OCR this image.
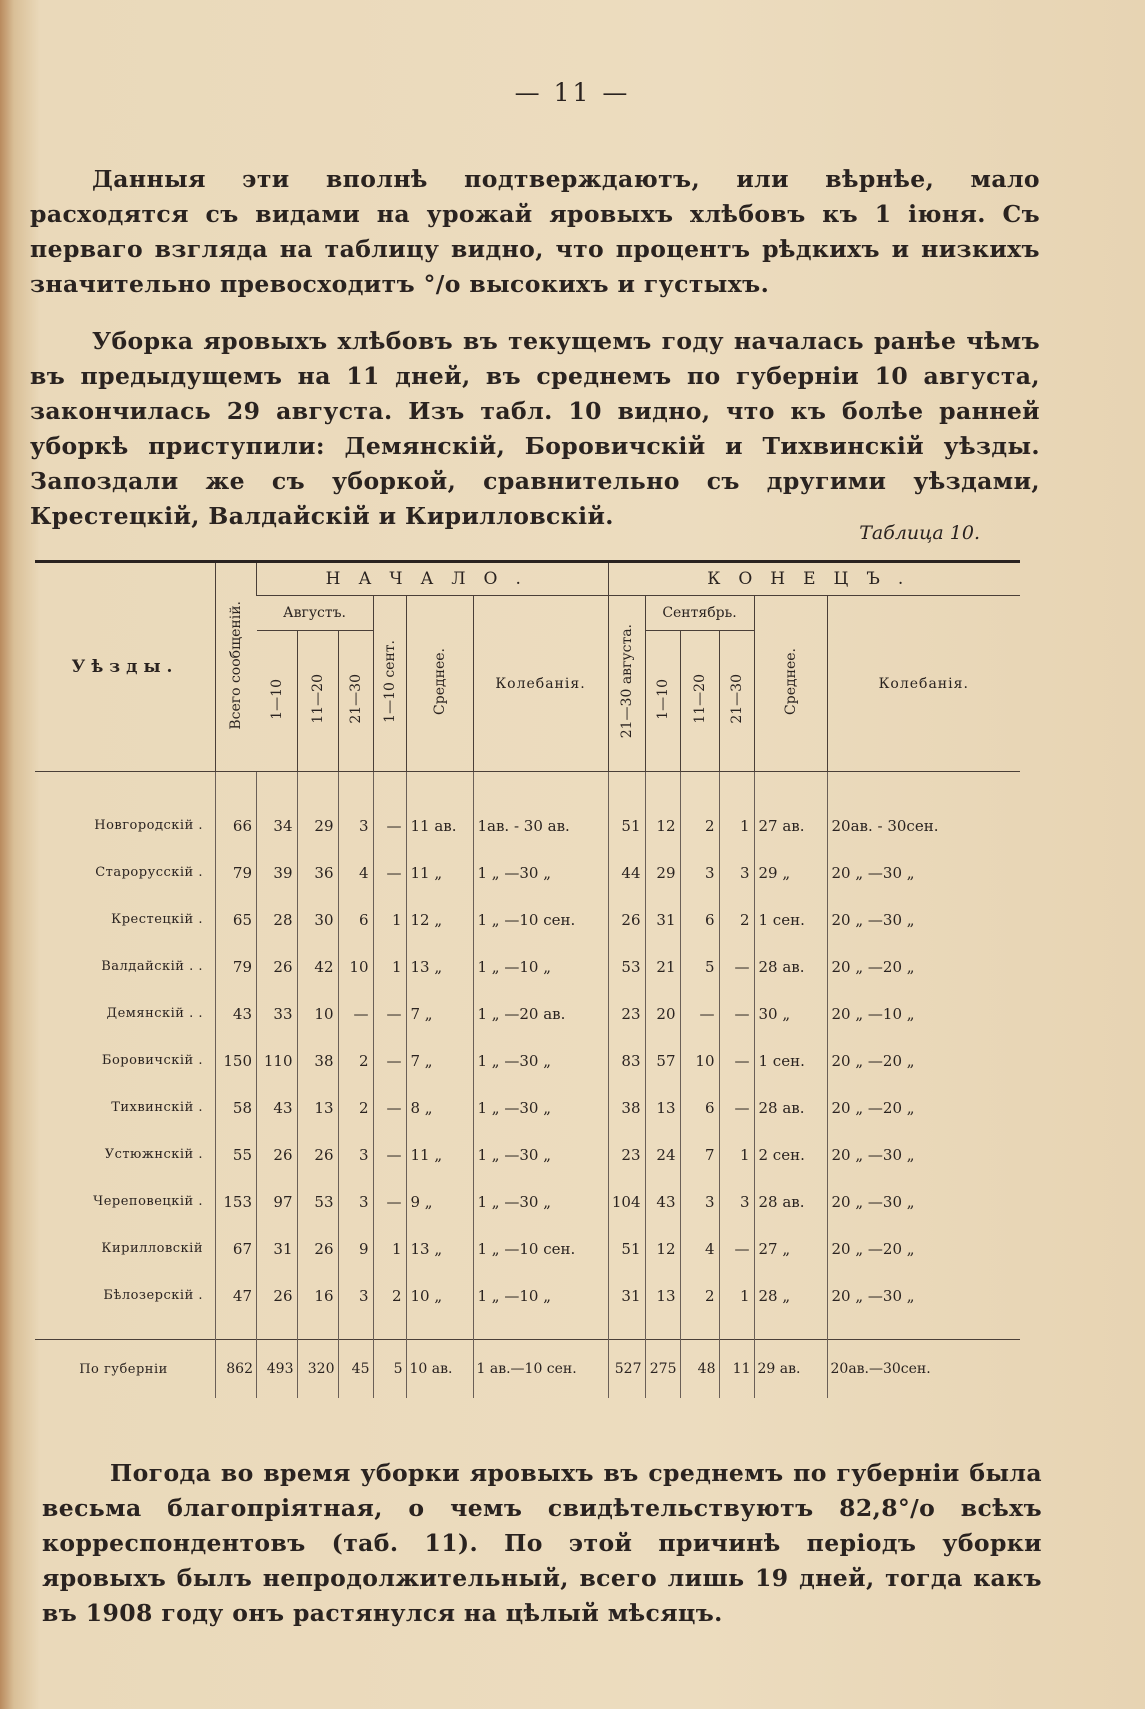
— 11 —

Данныя эти вполнѣ подтверждаютъ, или вѣрнѣе, мало расходятся съ видами на урожай яровыхъ хлѣбовъ къ 1 іюня. Съ перваго взгляда на таблицу видно, что процентъ рѣдкихъ и низкихъ значительно превосходитъ °/о высокихъ и густыхъ.

Уборка яровыхъ хлѣбовъ въ текущемъ году началась ранѣе чѣмъ въ предыдущемъ на 11 дней, въ среднемъ по губерніи 10 августа, закончилась 29 августа. Изъ табл. 10 видно, что къ болѣе ранней уборкѣ приступили: Демянскій, Боровичскій и Тихвинскій уѣзды. Запоздали же съ уборкой, сравнительно съ другими уѣздами, Крестецкій, Валдайскій и Кирилловскій.

Таблица 10.
Уѣзды.	Всего сообщеній.	НАЧАЛО.						КОНЕЦЪ.					
		Августъ.			1—10 сент.	Среднее.	Колебанія.	21—30 августа.	Сентябрь.			Среднее.	Колебанія.
		1—10	11—20	21—30					1—10	11—20	21—30		
Новгородскій .	66	34	29	3	—	11 ав.	1ав. - 30 ав.	51	12	2	1	27 ав.	20ав. - 30сен.
Старорусскій .	79	39	36	4	—	11 „	1 „ —30 „	44	29	3	3	29 „	20 „ —30 „
Крестецкій .	65	28	30	6	1	12 „	1 „ —10 сен.	26	31	6	2	1 сен.	20 „ —30 „
Валдайскій . .	79	26	42	10	1	13 „	1 „ —10 „	53	21	5	—	28 ав.	20 „ —20 „
Демянскій . .	43	33	10	—	—	7 „	1 „ —20 ав.	23	20	—	—	30 „	20 „ —10 „
Боровичскій .	150	110	38	2	—	7 „	1 „ —30 „	83	57	10	—	1 сен.	20 „ —20 „
Тихвинскій .	58	43	13	2	—	8 „	1 „ —30 „	38	13	6	—	28 ав.	20 „ —20 „
Устюжнскій .	55	26	26	3	—	11 „	1 „ —30 „	23	24	7	1	2 сен.	20 „ —30 „
Череповецкій .	153	97	53	3	—	9 „	1 „ —30 „	104	43	3	3	28 ав.	20 „ —30 „
Кирилловскій	67	31	26	9	1	13 „	1 „ —10 сен.	51	12	4	—	27 „	20 „ —20 „
Бѣлозерскій .	47	26	16	3	2	10 „	1 „ —10 „	31	13	2	1	28 „	20 „ —30 „
По губерніи	862	493	320	45	5	10 ав.	1 ав.—10 сен.	527	275	48	11	29 ав.	20ав.—30сен.

Погода во время уборки яровыхъ въ среднемъ по губерніи была весьма благопріятная, о чемъ свидѣтельствуютъ 82,8°/о всѣхъ корреспондентовъ (таб. 11). По этой причинѣ періодъ уборки яровыхъ былъ непродолжительный, всего лишь 19 дней, тогда какъ въ 1908 году онъ растянулся на цѣлый мѣсяцъ.
